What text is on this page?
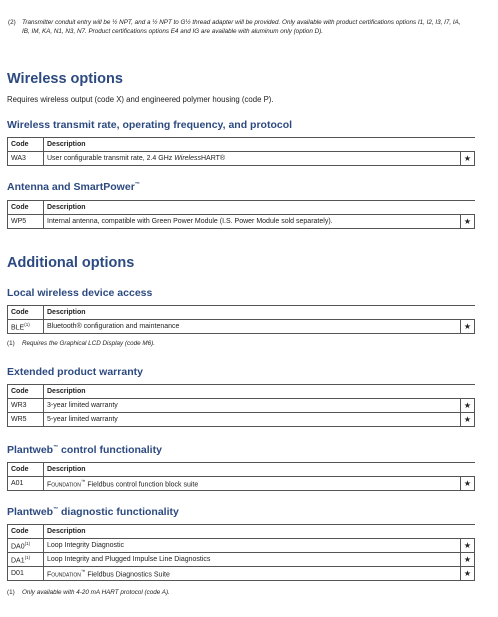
(2) Transmitter conduit entry will be ½ NPT, and a ½ NPT to G½ thread adapter will be provided. Only available with product certifications options I1, I2, I3, I7, IA, IB, IM, KA, N1, N3, N7. Product certifications options E4 and IG are available with aluminum only (option D).
Wireless options
Requires wireless output (code X) and engineered polymer housing (code P).
Wireless transmit rate, operating frequency, and protocol
Code	Description	
WA3	User configurable transmit rate, 2.4 GHz WirelessHART®	★
Antenna and SmartPower™
Code	Description	
WP5	Internal antenna, compatible with Green Power Module (I.S. Power Module sold separately).	★
Additional options
Local wireless device access
Code	Description	
BLE$^{(1)}$	Bluetooth® configuration and maintenance	★
(1)	Requires the Graphical LCD Display (code M6).
Extended product warranty
Code	Description	
WR3	3-year limited warranty	★
WR5	5-year limited warranty	★
Plantweb™ control functionality
Code	Description	
A01	Foundation™ Fieldbus control function block suite	★
Plantweb™ diagnostic functionality
Code	Description	
DA0$^{(1)}$	Loop Integrity Diagnostic	★
DA1$^{(1)}$	Loop Integrity and Plugged Impulse Line Diagnostics	★
D01	Foundation™ Fieldbus Diagnostics Suite	★
(1)	Only available with 4-20 mA HART protocol (code A).
